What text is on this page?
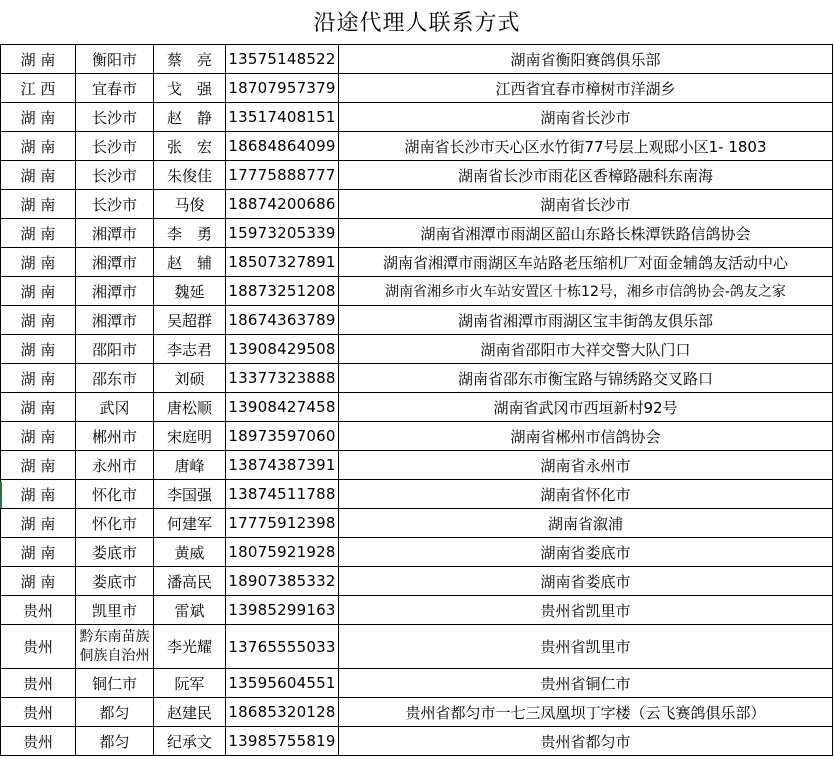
沿途代理人联系方式
湖 南	衡阳市	蔡　亮	13575148522	湖南省衡阳赛鸽俱乐部
江 西	宜春市	戈　强	18707957379	江西省宜春市樟树市洋湖乡
湖 南	长沙市	赵　静	13517408151	湖南省长沙市
湖 南	长沙市	张　宏	18684864099	湖南省长沙市天心区水竹街77号层上观邸小区1- 1803
湖 南	长沙市	朱俊佳	17775888777	湖南省长沙市雨花区香樟路融科东南海
湖 南	长沙市	马俊	18874200686	湖南省长沙市
湖 南	湘潭市	李　勇	15973205339	湖南省湘潭市雨湖区韶山东路长株潭铁路信鸽协会
湖 南	湘潭市	赵　辅	18507327891	湖南省湘潭市雨湖区车站路老压缩机厂对面金辅鸽友活动中心
湖 南	湘潭市	魏延	18873251208	湖南省湘乡市火车站安置区十栋12号，湘乡市信鸽协会-鸽友之家
湖 南	湘潭市	吴超群	18674363789	湖南省湘潭市雨湖区宝丰街鸽友俱乐部
湖 南	邵阳市	李志君	13908429508	湖南省邵阳市大祥交警大队门口
湖 南	邵东市	刘硕	13377323888	湖南省邵东市衡宝路与锦绣路交叉路口
湖 南	武冈	唐松顺	13908427458	湖南省武冈市西垣新村92号
湖 南	郴州市	宋庭明	18973597060	湖南省郴州市信鸽协会
湖 南	永州市	唐峰	13874387391	湖南省永州市
湖 南	怀化市	李国强	13874511788	湖南省怀化市
湖 南	怀化市	何建军	17775912398	湖南省溆浦
湖 南	娄底市	黄威	18075921928	湖南省娄底市
湖 南	娄底市	潘高民	18907385332	湖南省娄底市
贵州	凯里市	雷斌	13985299163	贵州省凯里市
贵州	黔东南苗族侗族自治州	李光耀	13765555033	贵州省凯里市
贵州	铜仁市	阮军	13595604551	贵州省铜仁市
贵州	都匀	赵建民	18685320128	贵州省都匀市一七三凤凰坝丁字楼（云飞赛鸽俱乐部）
贵州	都匀	纪承文	13985755819	贵州省都匀市
